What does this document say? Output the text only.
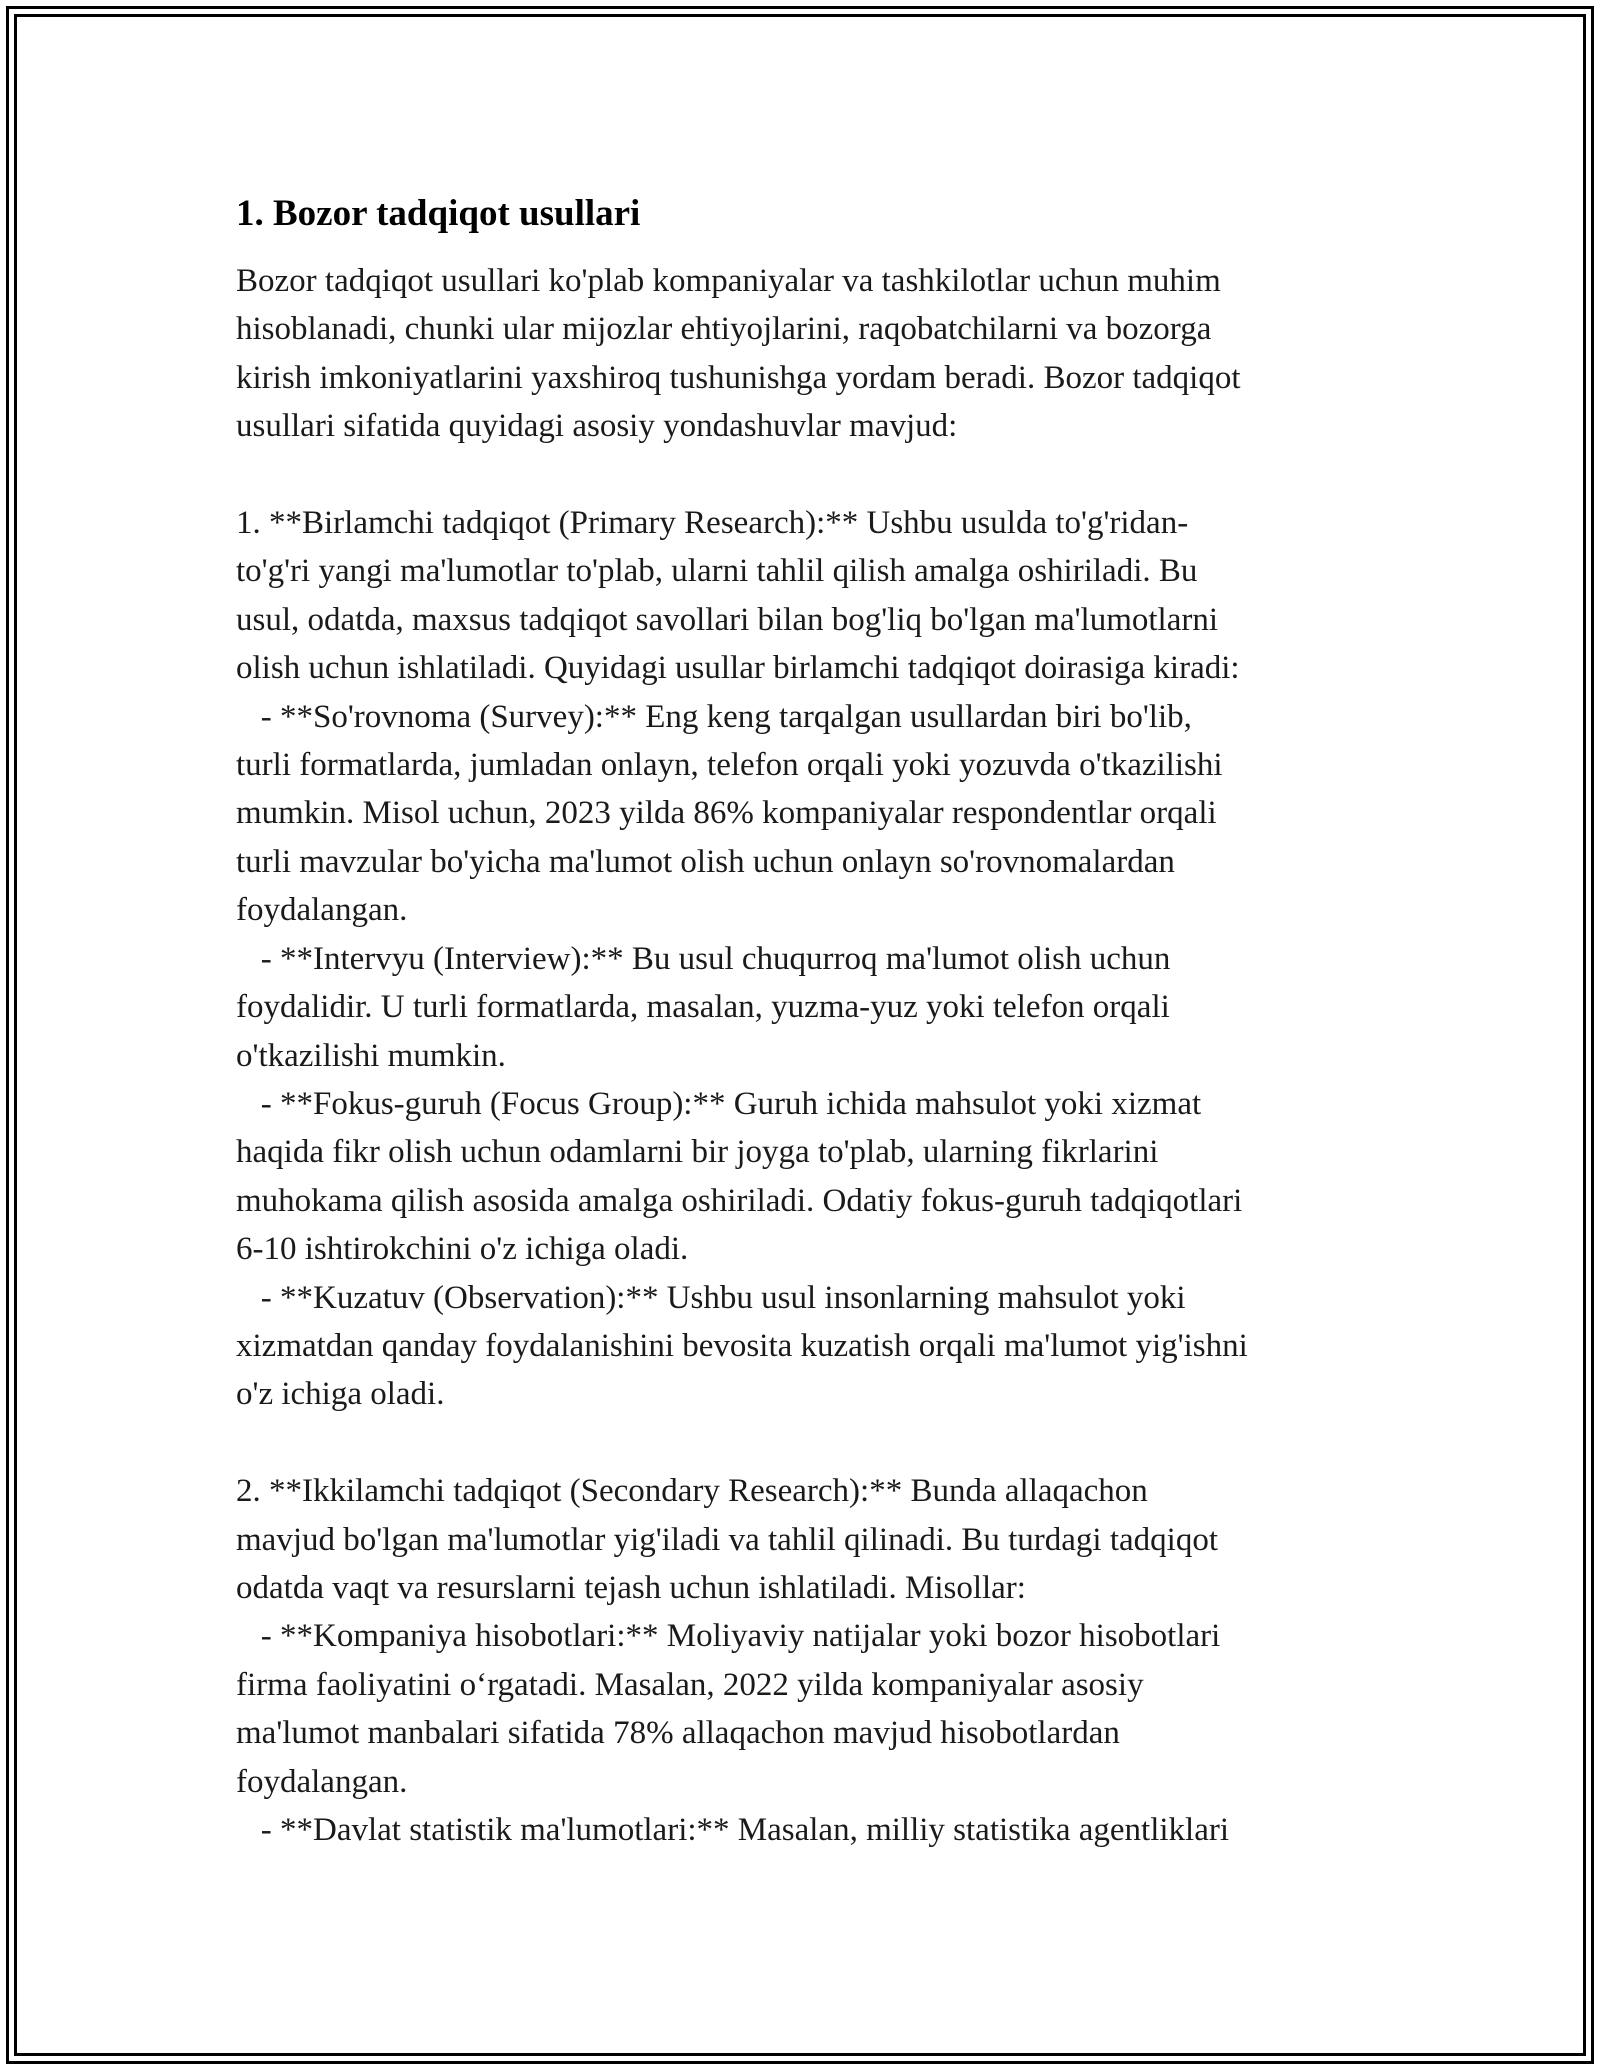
1. Bozor tadqiqot usullari
Bozor tadqiqot usullari ko'plab kompaniyalar va tashkilotlar uchun muhim
hisoblanadi, chunki ular mijozlar ehtiyojlarini, raqobatchilarni va bozorga
kirish imkoniyatlarini yaxshiroq tushunishga yordam beradi. Bozor tadqiqot
usullari sifatida quyidagi asosiy yondashuvlar mavjud:

1. **Birlamchi tadqiqot (Primary Research):** Ushbu usulda to'g'ridan-
to'g'ri yangi ma'lumotlar to'plab, ularni tahlil qilish amalga oshiriladi. Bu
usul, odatda, maxsus tadqiqot savollari bilan bog'liq bo'lgan ma'lumotlarni
olish uchun ishlatiladi. Quyidagi usullar birlamchi tadqiqot doirasiga kiradi:
- **So'rovnoma (Survey):** Eng keng tarqalgan usullardan biri bo'lib,
turli formatlarda, jumladan onlayn, telefon orqali yoki yozuvda o'tkazilishi
mumkin. Misol uchun, 2023 yilda 86% kompaniyalar respondentlar orqali
turli mavzular bo'yicha ma'lumot olish uchun onlayn so'rovnomalardan
foydalangan.
- **Intervyu (Interview):** Bu usul chuqurroq ma'lumot olish uchun
foydalidir. U turli formatlarda, masalan, yuzma-yuz yoki telefon orqali
o'tkazilishi mumkin.
- **Fokus-guruh (Focus Group):** Guruh ichida mahsulot yoki xizmat
haqida fikr olish uchun odamlarni bir joyga to'plab, ularning fikrlarini
muhokama qilish asosida amalga oshiriladi. Odatiy fokus-guruh tadqiqotlari
6-10 ishtirokchini o'z ichiga oladi.
- **Kuzatuv (Observation):** Ushbu usul insonlarning mahsulot yoki
xizmatdan qanday foydalanishini bevosita kuzatish orqali ma'lumot yig'ishni
o'z ichiga oladi.

2. **Ikkilamchi tadqiqot (Secondary Research):** Bunda allaqachon
mavjud bo'lgan ma'lumotlar yig'iladi va tahlil qilinadi. Bu turdagi tadqiqot
odatda vaqt va resurslarni tejash uchun ishlatiladi. Misollar:
- **Kompaniya hisobotlari:** Moliyaviy natijalar yoki bozor hisobotlari
firma faoliyatini o‘rgatadi. Masalan, 2022 yilda kompaniyalar asosiy
ma'lumot manbalari sifatida 78% allaqachon mavjud hisobotlardan
foydalangan.
- **Davlat statistik ma'lumotlari:** Masalan, milliy statistika agentliklari
